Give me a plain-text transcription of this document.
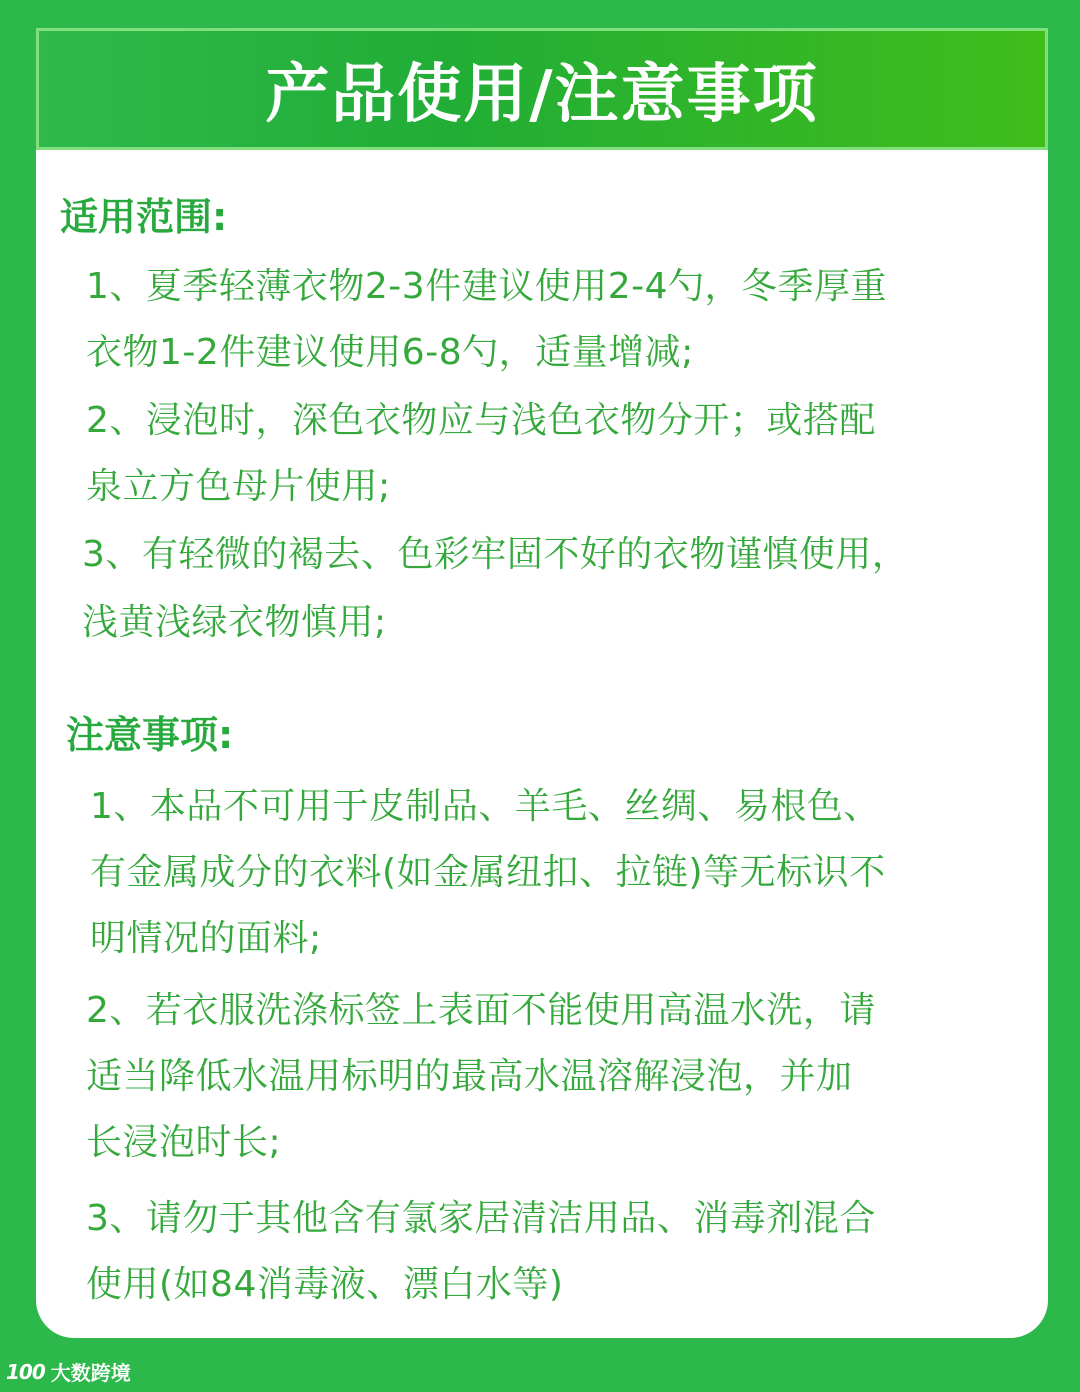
产品使用/注意事项
适用范围:
1、夏季轻薄衣物2-3件建议使用2-4勺，冬季厚重
衣物1-2件建议使用6-8勺，适量增减;
2、浸泡时，深色衣物应与浅色衣物分开；或搭配
泉立方色母片使用;
3、有轻微的褐去、色彩牢固不好的衣物谨慎使用，
浅黄浅绿衣物慎用;
注意事项:
1、本品不可用于皮制品、羊毛、丝绸、易根色、
有金属成分的衣料(如金属纽扣、拉链)等无标识不
明情况的面料;
2、若衣服洗涤标签上表面不能使用高温水洗，请
适当降低水温用标明的最高水温溶解浸泡，并加
长浸泡时长;
3、请勿于其他含有氯家居清洁用品、消毒剂混合
使用(如84消毒液、漂白水等)
100 大数跨境
